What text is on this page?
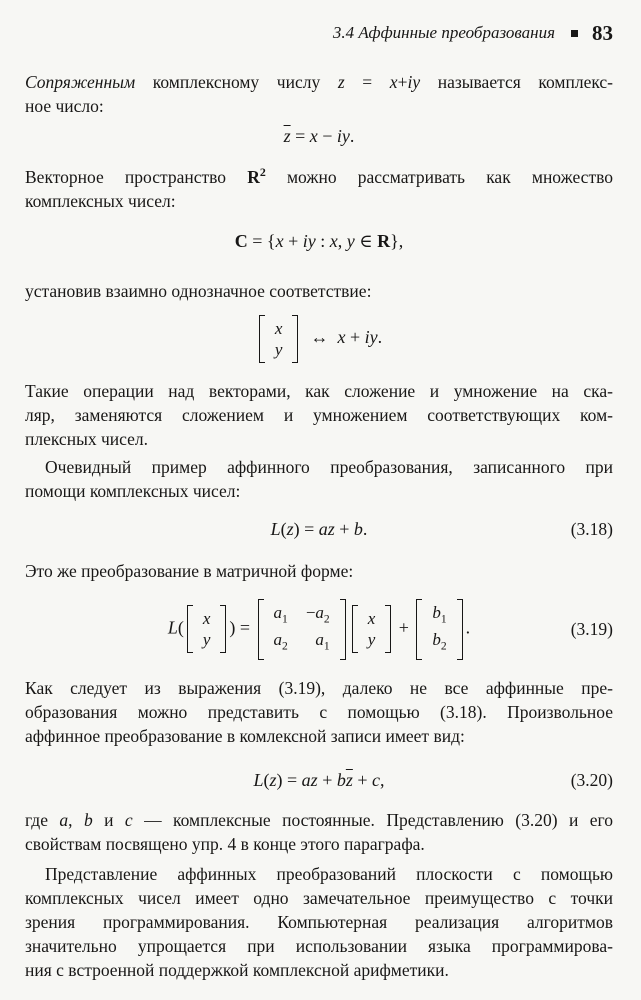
3.4 Аффинные преобразования 83

Сопряженным комплексному числу z = x+iy называется комплекс-
ное число:

$\overline{z} = x$ − iy.

Векторное пространство $R^2$ можно рассматривать как множество
комплексных чисел:

C = {x + iy : x, y ∈ R},

установив взаимно однозначное соответствие:

x
y
↔ x + iy.

Такие операции над векторами, как сложение и умножение на ска-
ляр, заменяются сложением и умножением соответствующих ком-
плексных чисел.

Очевидный пример аффинного преобразования, записанного при
помощи комплексных чисел:

L(z) = az + b.	(3.18)

Это же преобразование в матричной форме:

L( x
y
) =
$a_1 -a_2$
$a_2$ $a_1$
x
y
+
$b_1$
$b_2$
.	(3.19)

Как следует из выражения (3.19), далеко не все аффинные пре-
образования можно представить с помощью (3.18). Произвольное
аффинное преобразование в комлексной записи имеет вид:

L(z) = az + $b\overline{z} + c$,	(3.20)

где a, b и c — комплексные постоянные. Представлению (3.20) и его
свойствам посвящено упр. 4 в конце этого параграфа.

Представление аффинных преобразований плоскости с помощью
комплексных чисел имеет одно замечательное преимущество с точки
зрения программирования. Компьютерная реализация алгоритмов
значительно упрощается при использовании языка программирова-
ния с встроенной поддержкой комплексной арифметики.
